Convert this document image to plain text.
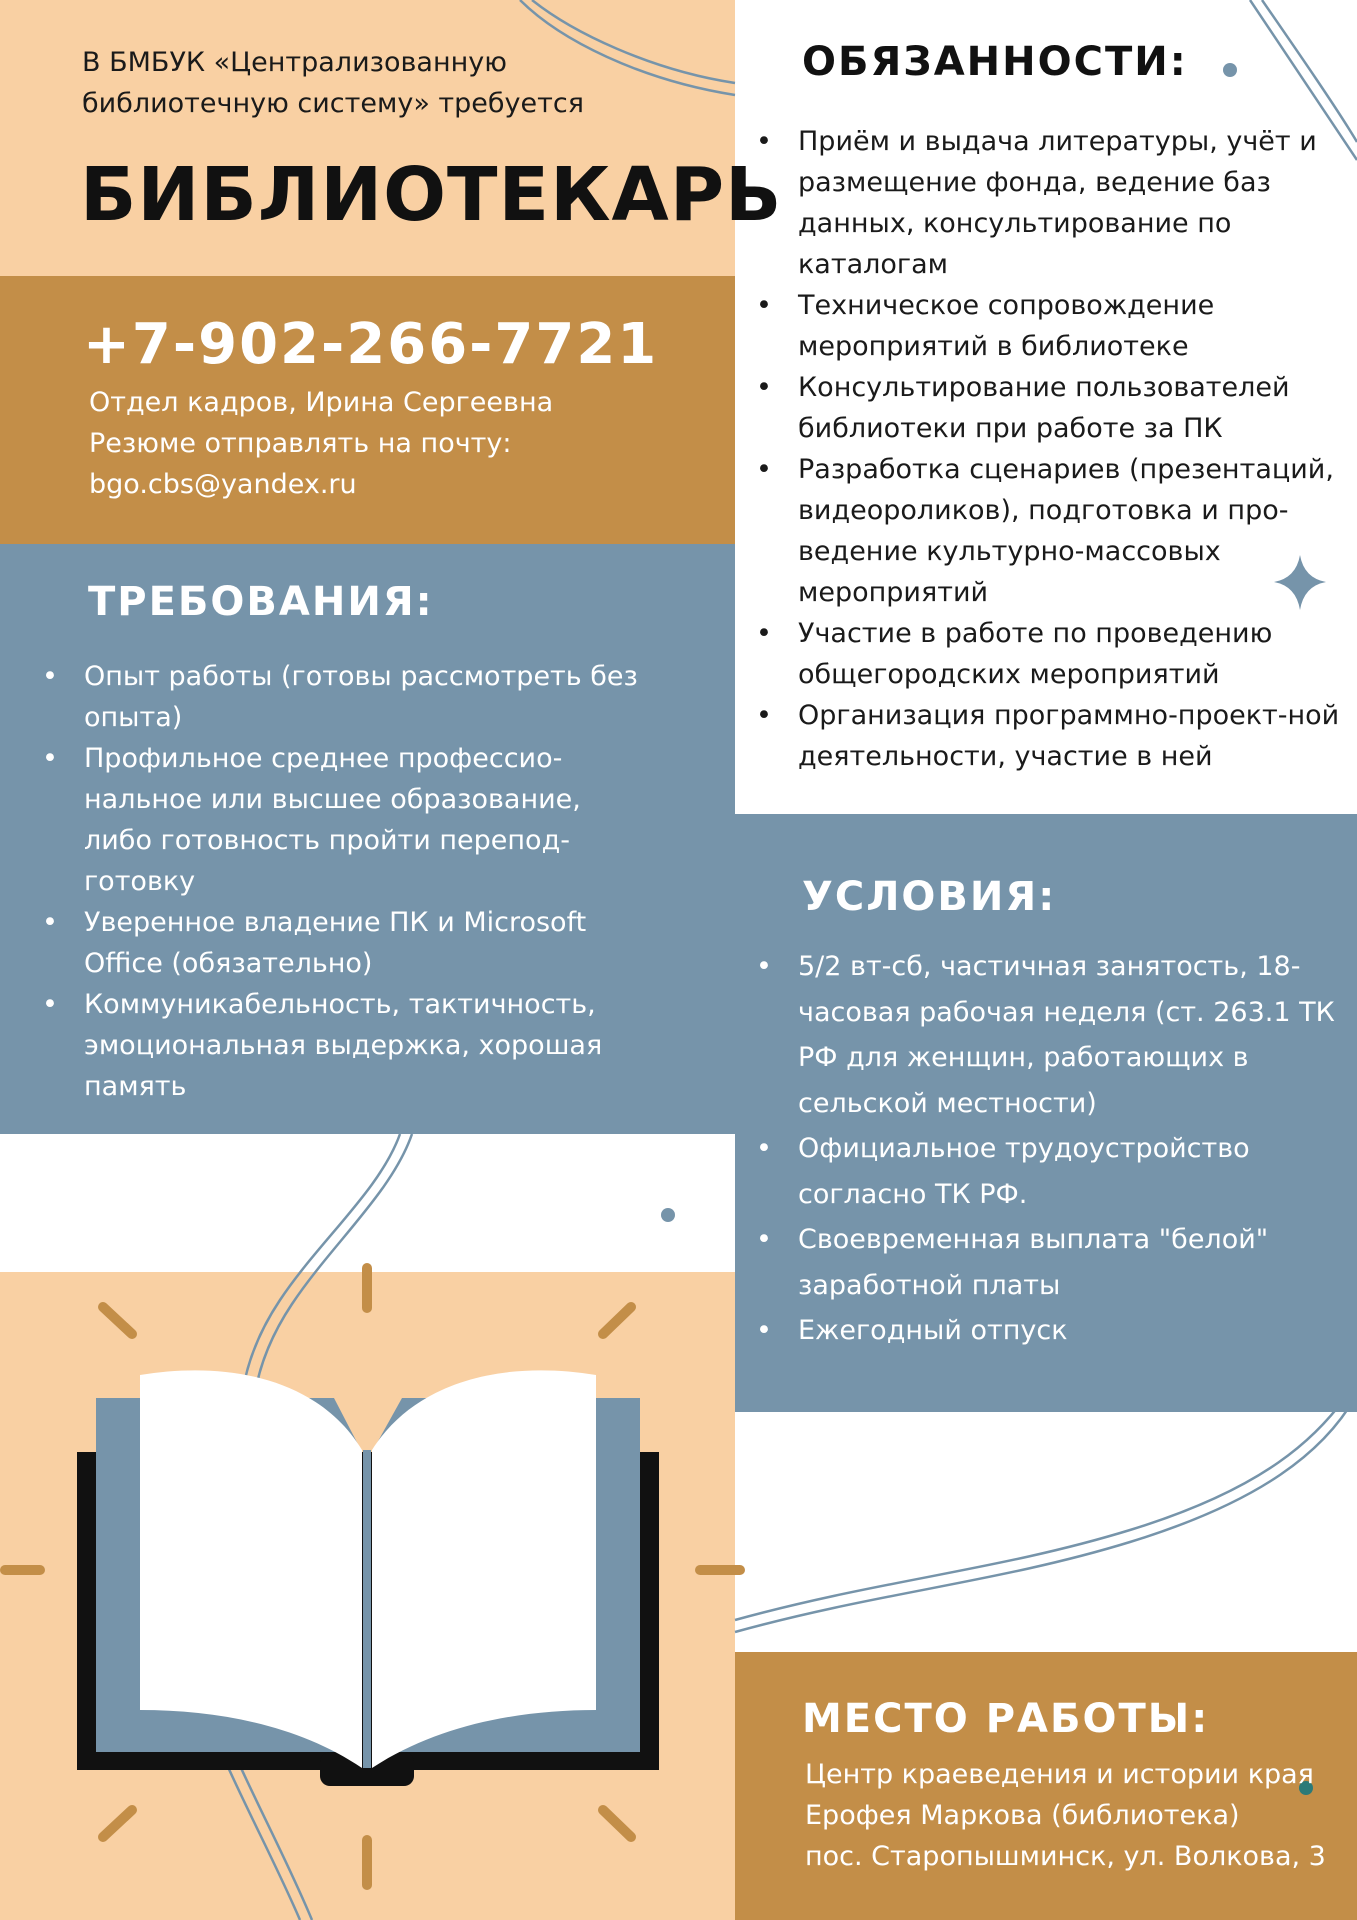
В БМБУК «Централизованную
библиотечную систему» требуется
БИБЛИОТЕКАРЬ
+7-902-266-7721
Отдел кадров, Ирина Сергеевна
Резюме отправлять на почту:
bgo.cbs@yandex.ru
ТРЕБОВАНИЯ:
• Опыт работы (готовы рассмотреть без опыта)
• Профильное среднее профессио-нальное или высшее образование, либо готовность пройти перепод-готовку
• Уверенное владение ПК и Microsoft Office (обязательно)
• Коммуникабельность, тактичность, эмоциональная выдержка, хорошая память
ОБЯЗАННОСТИ:
• Приём и выдача литературы, учёт и размещение фонда, ведение баз данных, консультирование по каталогам
• Техническое сопровождение мероприятий в библиотеке
• Консультирование пользователей библиотеки при работе за ПК
• Разработка сценариев (презентаций, видеороликов), подготовка и про-ведение культурно-массовых мероприятий
• Участие в работе по проведению общегородских мероприятий
• Организация программно-проект-ной деятельности, участие в ней
УСЛОВИЯ:
• 5/2 вт-сб, частичная занятость, 18-часовая рабочая неделя (ст. 263.1 ТК РФ для женщин, работающих в сельской местности)
• Официальное трудоустройство согласно ТК РФ.
• Своевременная выплата "белой" заработной платы
• Ежегодный отпуск
МЕСТО РАБОТЫ:
Центр краеведения и истории края
Ерофея Маркова (библиотека)
пос. Старопышминск, ул. Волкова, 3
